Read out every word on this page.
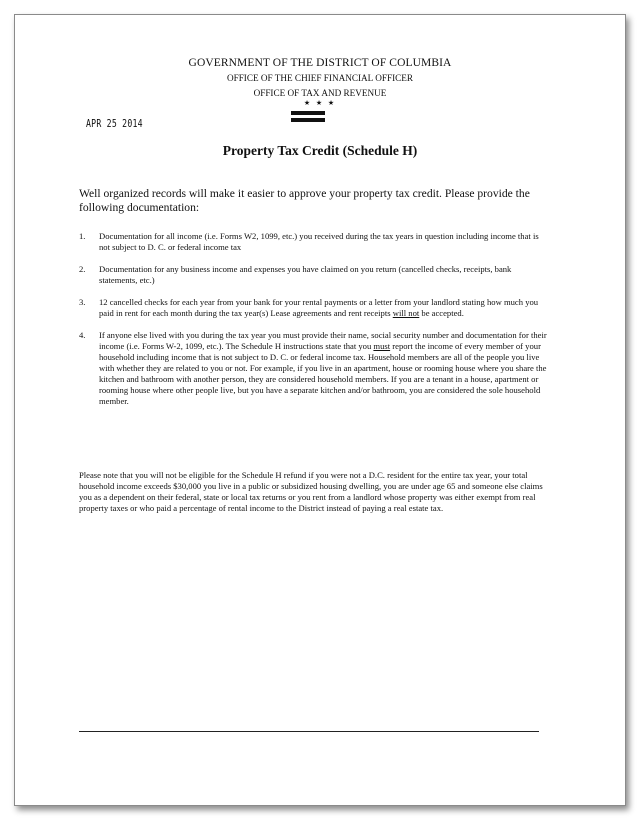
GOVERNMENT OF THE DISTRICT OF COLUMBIA
OFFICE OF THE CHIEF FINANCIAL OFFICER
OFFICE OF TAX AND REVENUE
★ ★ ★
APR 25 2014
Property Tax Credit (Schedule H)
Well organized records will make it easier to approve your property tax credit. Please provide the following documentation:
1. Documentation for all income (i.e. Forms W2, 1099, etc.) you received during the tax years in question including income that is not subject to D. C. or federal income tax
2. Documentation for any business income and expenses you have claimed on you return (cancelled checks, receipts, bank statements, etc.)
3. 12 cancelled checks for each year from your bank for your rental payments or a letter from your landlord stating how much you paid in rent for each month during the tax year(s) Lease agreements and rent receipts will not be accepted.
4. If anyone else lived with you during the tax year you must provide their name, social security number and documentation for their income (i.e. Forms W-2, 1099, etc.). The Schedule H instructions state that you must report the income of every member of your household including income that is not subject to D. C. or federal income tax. Household members are all of the people you live with whether they are related to you or not. For example, if you live in an apartment, house or rooming house where you share the kitchen and bathroom with another person, they are considered household members. If you are a tenant in a house, apartment or rooming house where other people live, but you have a separate kitchen and/or bathroom, you are considered the sole household member.
Please note that you will not be eligible for the Schedule H refund if you were not a D.C. resident for the entire tax year, your total household income exceeds $30,000 you live in a public or subsidized housing dwelling, you are under age 65 and someone else claims you as a dependent on their federal, state or local tax returns or you rent from a landlord whose property was either exempt from real property taxes or who paid a percentage of rental income to the District instead of paying a real estate tax.
